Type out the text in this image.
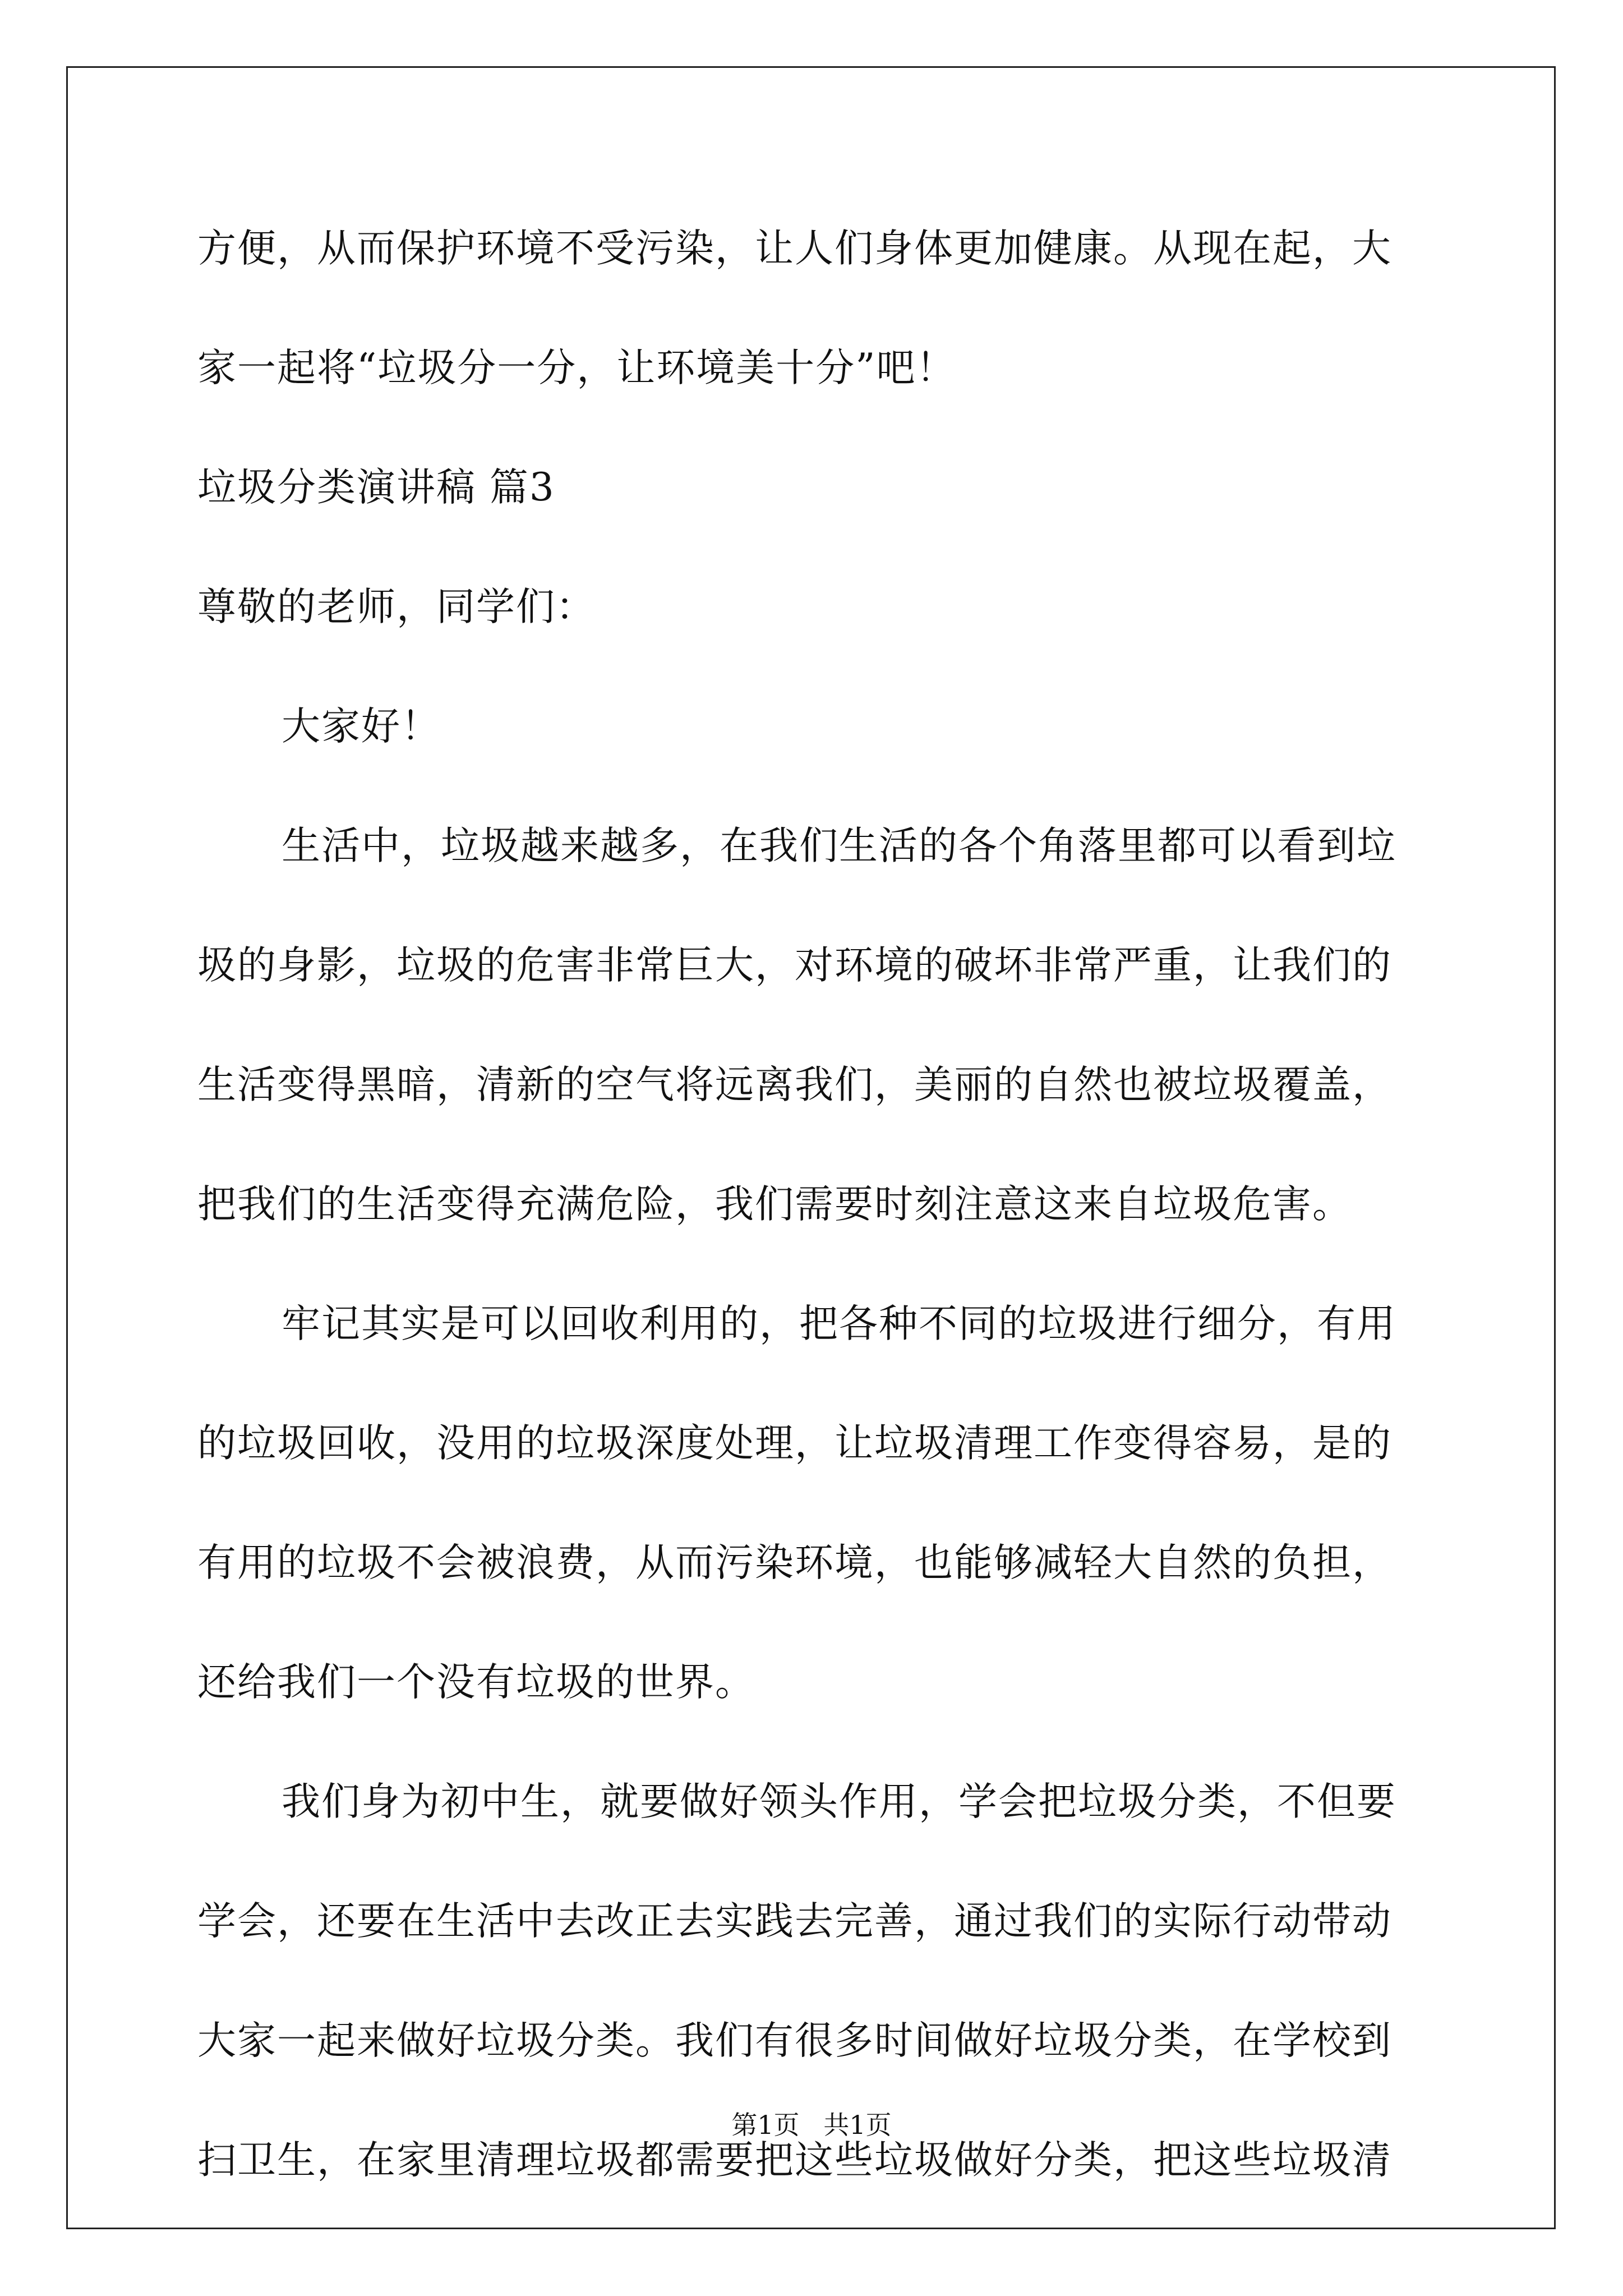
方便，从而保护环境不受污染，让人们身体更加健康。从现在起，大
家一起将“垃圾分一分，让环境美十分”吧！
垃圾分类演讲稿 篇3
尊敬的老师，同学们：
大家好！
生活中，垃圾越来越多，在我们生活的各个角落里都可以看到垃
圾的身影，垃圾的危害非常巨大，对环境的破坏非常严重，让我们的
生活变得黑暗，清新的空气将远离我们，美丽的自然也被垃圾覆盖，
把我们的生活变得充满危险，我们需要时刻注意这来自垃圾危害。
牢记其实是可以回收利用的，把各种不同的垃圾进行细分，有用
的垃圾回收，没用的垃圾深度处理，让垃圾清理工作变得容易，是的
有用的垃圾不会被浪费，从而污染环境，也能够减轻大自然的负担，
还给我们一个没有垃圾的世界。
我们身为初中生，就要做好领头作用，学会把垃圾分类，不但要
学会，还要在生活中去改正去实践去完善，通过我们的实际行动带动
大家一起来做好垃圾分类。我们有很多时间做好垃圾分类，在学校到
扫卫生，在家里清理垃圾都需要把这些垃圾做好分类，把这些垃圾清
第1页 共1页
